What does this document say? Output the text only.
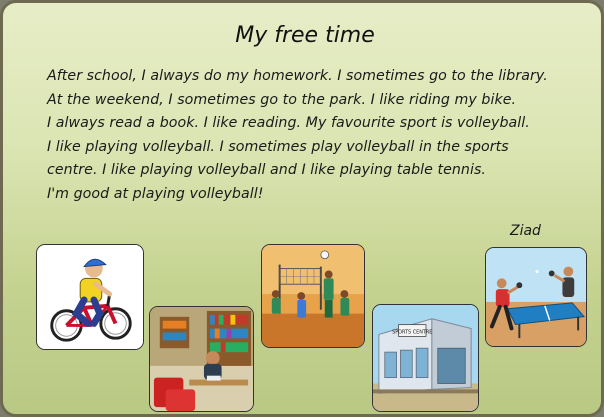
My free time
After school, I always do my homework. I sometimes go to the library.
At the weekend, I sometimes go to the park. I like riding my bike.
I always read a book. I like reading. My favourite sport is volleyball.
I like playing volleyball. I sometimes play volleyball in the sports
centre. I like playing volleyball and I like playing table tennis.
I'm good at playing volleyball!
Ziad
SPORTS CENTRE
